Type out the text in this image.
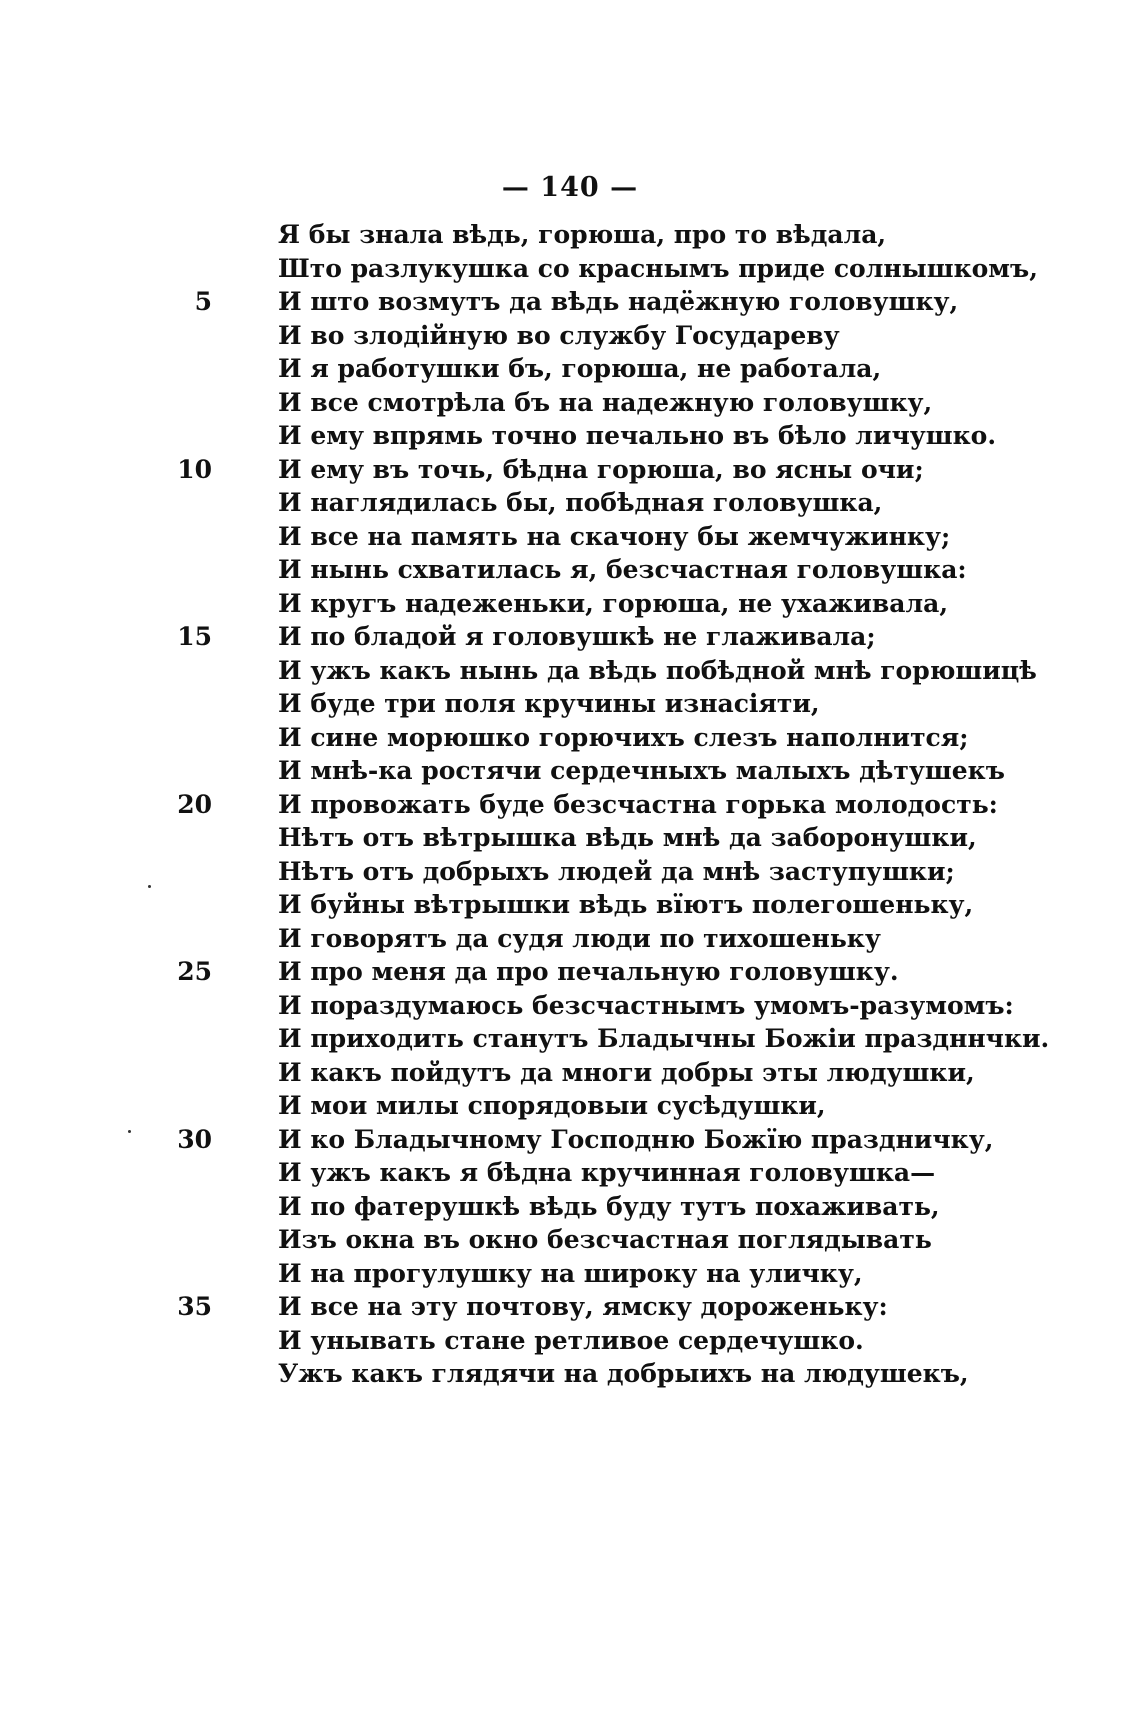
— 140 —
Я бы знала вѣдь, горюша, про то вѣдала,
Што разлукушка со краснымъ приде солнышкомъ,
5	И што возмутъ да вѣдь надёжную головушку,
И во злодійную во службу Государеву
И я работушки бъ, горюша, не работала,
И все смотрѣла бъ на надежную головушку,
И ему впрямь точно печально въ бѣло личушко.
10	И ему въ точь, бѣдна горюша, во ясны очи;
И наглядилась бы, побѣдная головушка,
И все на память на скачону бы жемчужинку;
И нынь схватилась я, безсчастная головушка:
И кругъ надеженьки, горюша, не ухаживала,
15	И по бладой я головушкѣ не глаживала;
И ужъ какъ нынь да вѣдь побѣдной мнѣ горюшицѣ
И буде три поля кручины изнасіяти,
И сине морюшко горючихъ слезъ наполнится;
И мнѣ-ка ростячи сердечныхъ малыхъ дѣтушекъ
20	И провожать буде безсчастна горька молодость:
Нѣтъ отъ вѣтрышка вѣдь мнѣ да заборонушки,
Нѣтъ отъ добрыхъ людей да мнѣ заступушки;
И буйны вѣтрышки вѣдь вїютъ полегошеньку,
И говорятъ да судя люди по тихошеньку
25	И про меня да про печальную головушку.
И пораздумаюсь безсчастнымъ умомъ-разумомъ:
И приходить станутъ Бладычны Божіи праздннчки.
И какъ пойдутъ да многи добры эты людушки,
И мои милы спорядовыи сусѣдушки,
30	И ко Бладычному Господню Божїю праздничку,
И ужъ какъ я бѣдна кручинная головушка—
И по фатерушкѣ вѣдь буду тутъ похаживать,
Изъ окна въ окно безсчастная поглядывать
И на прогулушку на широку на уличку,
35	И все на эту почтову, ямску дороженьку:
И унывать стане ретливое сердечушко.
Ужъ какъ глядячи на добрыихъ на людушекъ,
